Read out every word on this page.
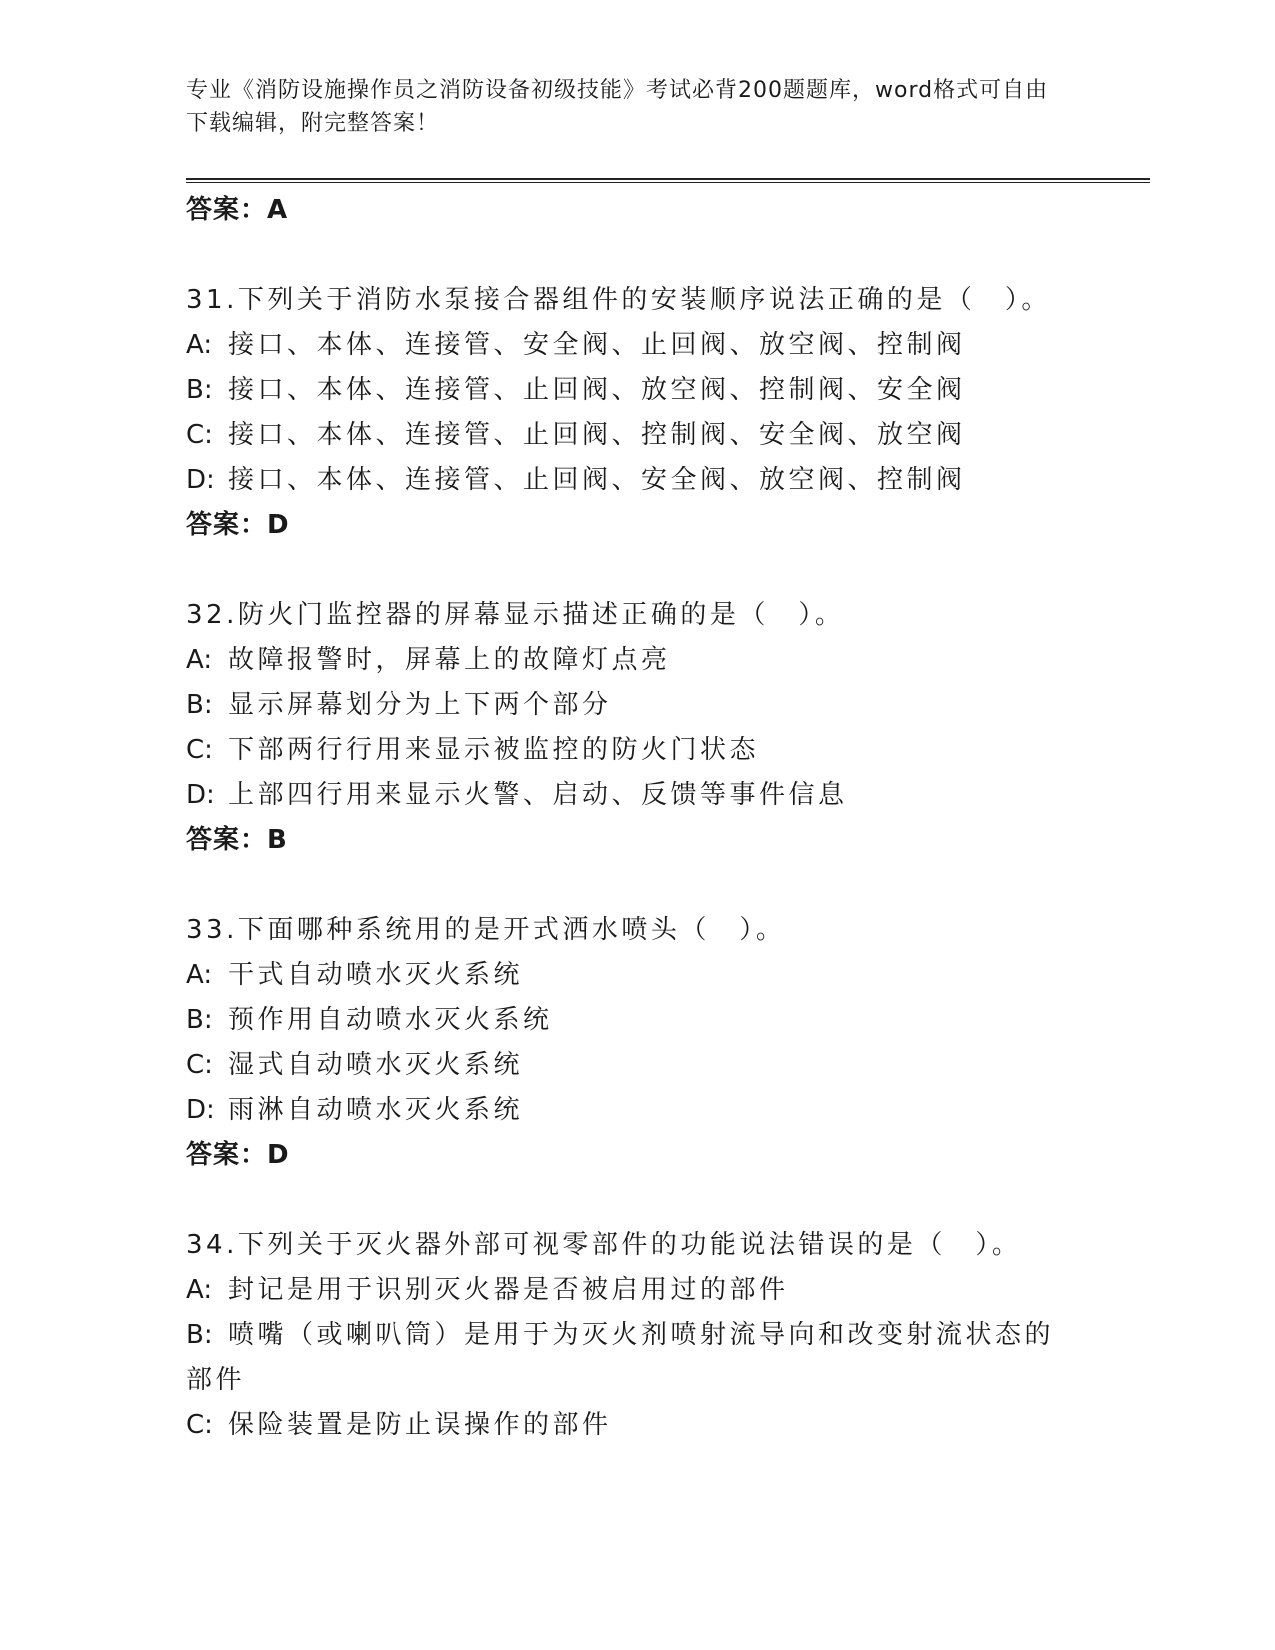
专业《消防设施操作员之消防设备初级技能》考试必背200题题库，word格式可自由下载编辑，附完整答案！
答案：A
31.下列关于消防水泵接合器组件的安装顺序说法正确的是（　）。
A: 接口、本体、连接管、安全阀、止回阀、放空阀、控制阀
B: 接口、本体、连接管、止回阀、放空阀、控制阀、安全阀
C: 接口、本体、连接管、止回阀、控制阀、安全阀、放空阀
D: 接口、本体、连接管、止回阀、安全阀、放空阀、控制阀
答案：D
32.防火门监控器的屏幕显示描述正确的是（　）。
A: 故障报警时，屏幕上的故障灯点亮
B: 显示屏幕划分为上下两个部分
C: 下部两行行用来显示被监控的防火门状态
D: 上部四行用来显示火警、启动、反馈等事件信息
答案：B
33.下面哪种系统用的是开式洒水喷头（　）。
A: 干式自动喷水灭火系统
B: 预作用自动喷水灭火系统
C: 湿式自动喷水灭火系统
D: 雨淋自动喷水灭火系统
答案：D
34.下列关于灭火器外部可视零部件的功能说法错误的是（　）。
A: 封记是用于识别灭火器是否被启用过的部件
B: 喷嘴（或喇叭筒）是用于为灭火剂喷射流导向和改变射流状态的部件
C: 保险装置是防止误操作的部件
